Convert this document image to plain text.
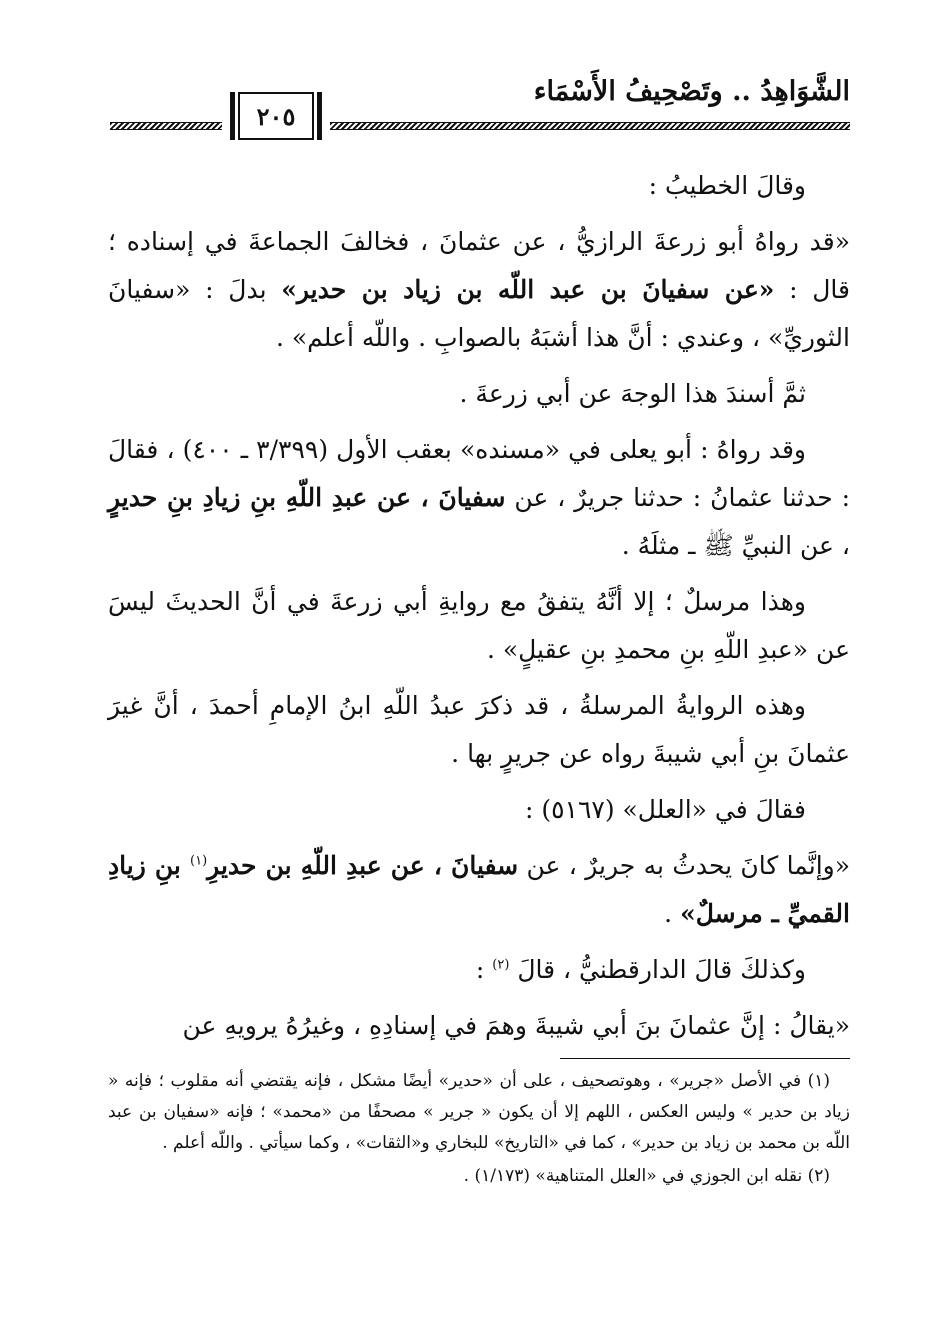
الشَّوَاهِدُ .. وتَصْحِيفُ الأَسْمَاء
٢٠٥

وقالَ الخطيبُ :

«قد رواهُ أبو زرعةَ الرازيُّ ، عن عثمانَ ، فخالفَ الجماعةَ في إسناده ؛ قال : «عن سفيانَ بن عبد اللّه بن زياد بن حدير» بدلَ : «سفيانَ الثوريِّ» ، وعندي : أنَّ هذا أشبَهُ بالصوابِ . واللّه أعلم» .

ثمَّ أسندَ هذا الوجهَ عن أبي زرعةَ .

وقد رواهُ : أبو يعلى في «مسنده» بعقب الأول (٣/٣٩٩ ـ ٤٠٠) ، فقالَ : حدثنا عثمانُ : حدثنا جريرٌ ، عن سفيانَ ، عن عبدِ اللّهِ بنِ زيادِ بنِ حديرٍ ، عن النبيِّ ﷺ ـ مثلَهُ .

وهذا مرسلٌ ؛ إلا أنَّهُ يتفقُ مع روايةِ أبي زرعةَ في أنَّ الحديثَ ليسَ عن «عبدِ اللّهِ بنِ محمدِ بنِ عقيلٍ» .

وهذه الروايةُ المرسلةُ ، قد ذكرَ عبدُ اللّهِ ابنُ الإمامِ أحمدَ ، أنَّ غيرَ عثمانَ بنِ أبي شيبةَ رواه عن جريرٍ بها .

فقالَ في «العلل» (٥١٦٧) :

«وإنَّما كانَ يحدثُ به جريرٌ ، عن سفيانَ ، عن عبدِ اللّهِ بن حديرِ$^{(١)}$ بنِ زيادِ القميِّ ـ مرسلٌ» .

وكذلكَ قالَ الدارقطنيُّ ، قالَ $^{(٢)}$ :

«يقالُ : إنَّ عثمانَ بنَ أبي شيبةَ وهمَ في إسنادِهِ ، وغيرُهُ يرويهِ عن

(١) في الأصل «جرير» ، وهوتصحيف ، على أن «حدير» أيضًا مشكل ، فإنه يقتضي أنه مقلوب ؛ فإنه « زياد بن حدير » وليس العكس ، اللهم إلا أن يكون « جرير » مصحفًا من «محمد» ؛ فإنه «سفيان بن عبد اللّه بن محمد بن زياد بن حدير» ، كما في «التاريخ» للبخاري و«الثقات» ، وكما سيأتي . واللّه أعلم .

(٢) نقله ابن الجوزي في «العلل المتناهية» (١/١٧٣) .
